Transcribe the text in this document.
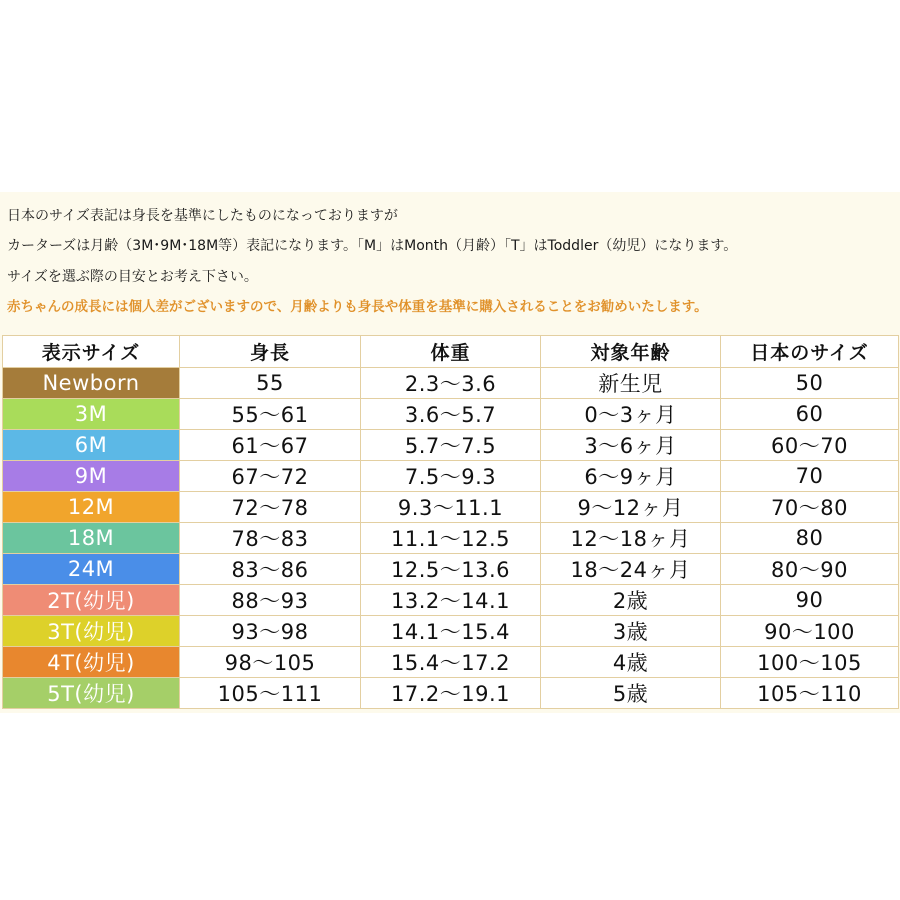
日本のサイズ表記は身長を基準にしたものになっておりますが
カーターズは月齢（3M･9M･18M等）表記になります。「M」はMonth（月齢）「T」はToddler（幼児）になります。
サイズを選ぶ際の目安とお考え下さい。
赤ちゃんの成長には個人差がございますので、月齢よりも身長や体重を基準に購入されることをお勧めいたします。
表示サイズ	身長	体重	対象年齢	日本のサイズ
Newborn	55	2.3〜3.6	新生児	50
3M	55〜61	3.6〜5.7	0〜3ヶ月	60
6M	61〜67	5.7〜7.5	3〜6ヶ月	60〜70
9M	67〜72	7.5〜9.3	6〜9ヶ月	70
12M	72〜78	9.3〜11.1	9〜12ヶ月	70〜80
18M	78〜83	11.1〜12.5	12〜18ヶ月	80
24M	83〜86	12.5〜13.6	18〜24ヶ月	80〜90
2T(幼児)	88〜93	13.2〜14.1	2歳	90
3T(幼児)	93〜98	14.1〜15.4	3歳	90〜100
4T(幼児)	98〜105	15.4〜17.2	4歳	100〜105
5T(幼児)	105〜111	17.2〜19.1	5歳	105〜110
